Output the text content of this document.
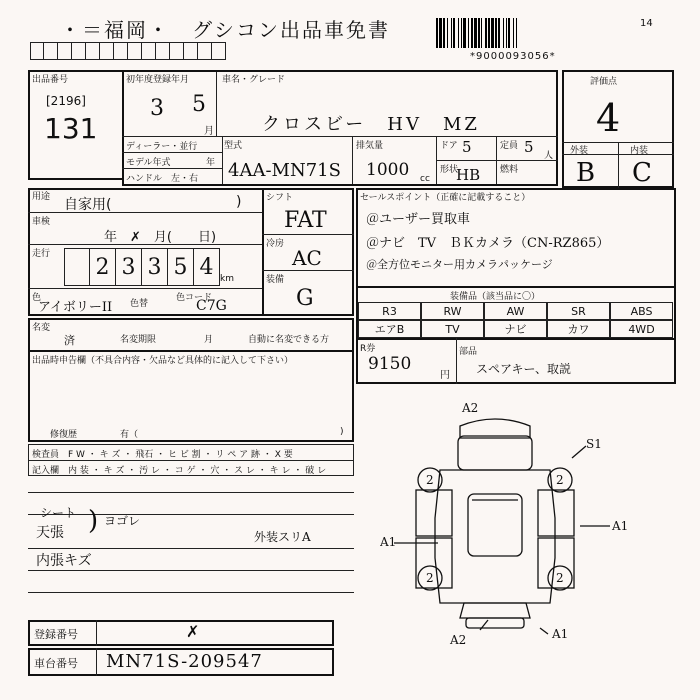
・＝福岡・　グシコン出品車免書	14
*9000093056*
出品番号
[2196]
131
初年度登録年月
3 5
月
車名・グレード
クロスビー　HV　MZ
ディーラー・並行
モデル年式	年
ハンドル　左・右
型式
4AA-MN71S
排気量
1000 cc
ドア 5	定員 5 人
形状
HB 燃料
評価点
4
外装	内装
B C
用途 自家用(	)
車検
年　✗　月(　　日)
走行
2 3 3 5 4 km
色
アイボリーII 色替
色コード
C7G
シフト
FAT
冷房
AC
装備
G
セールスポイント（正確に記載すること）
＠ユーザー買取車
＠ナビ　TV　ＢＫカメラ（CN-RZ865）
＠全方位モニター用カメラパッケージ
装備品（該当品に〇）
R3	RW	AW	SR	ABS
エアB	TV	ナビ	カワ	4WD
R券
9150
円
部品
スペアキー、取説
名変
済	名変期限	月	自動に名変できる方
出品時申告欄（不具合内容・欠品など具体的に記入して下さい）
修復歴	有（	)
検査員 F W ・ キ ズ ・ 飛石 ・ ヒ ビ 割 ・ リ ペ ア 跡 ・ X 要
記入欄 内 装 ・ キ ズ ・ 汚 レ ・ コ ゲ ・ 穴 ・ ス レ ・ キ レ ・ 破 レ
シート
天張 ) ヨゴレ
内張キズ
外装スリA
登録番号	✗
車台番号 MN71S-209547
2	2
2	2
A2
S1
A1
A1
A2	A1
